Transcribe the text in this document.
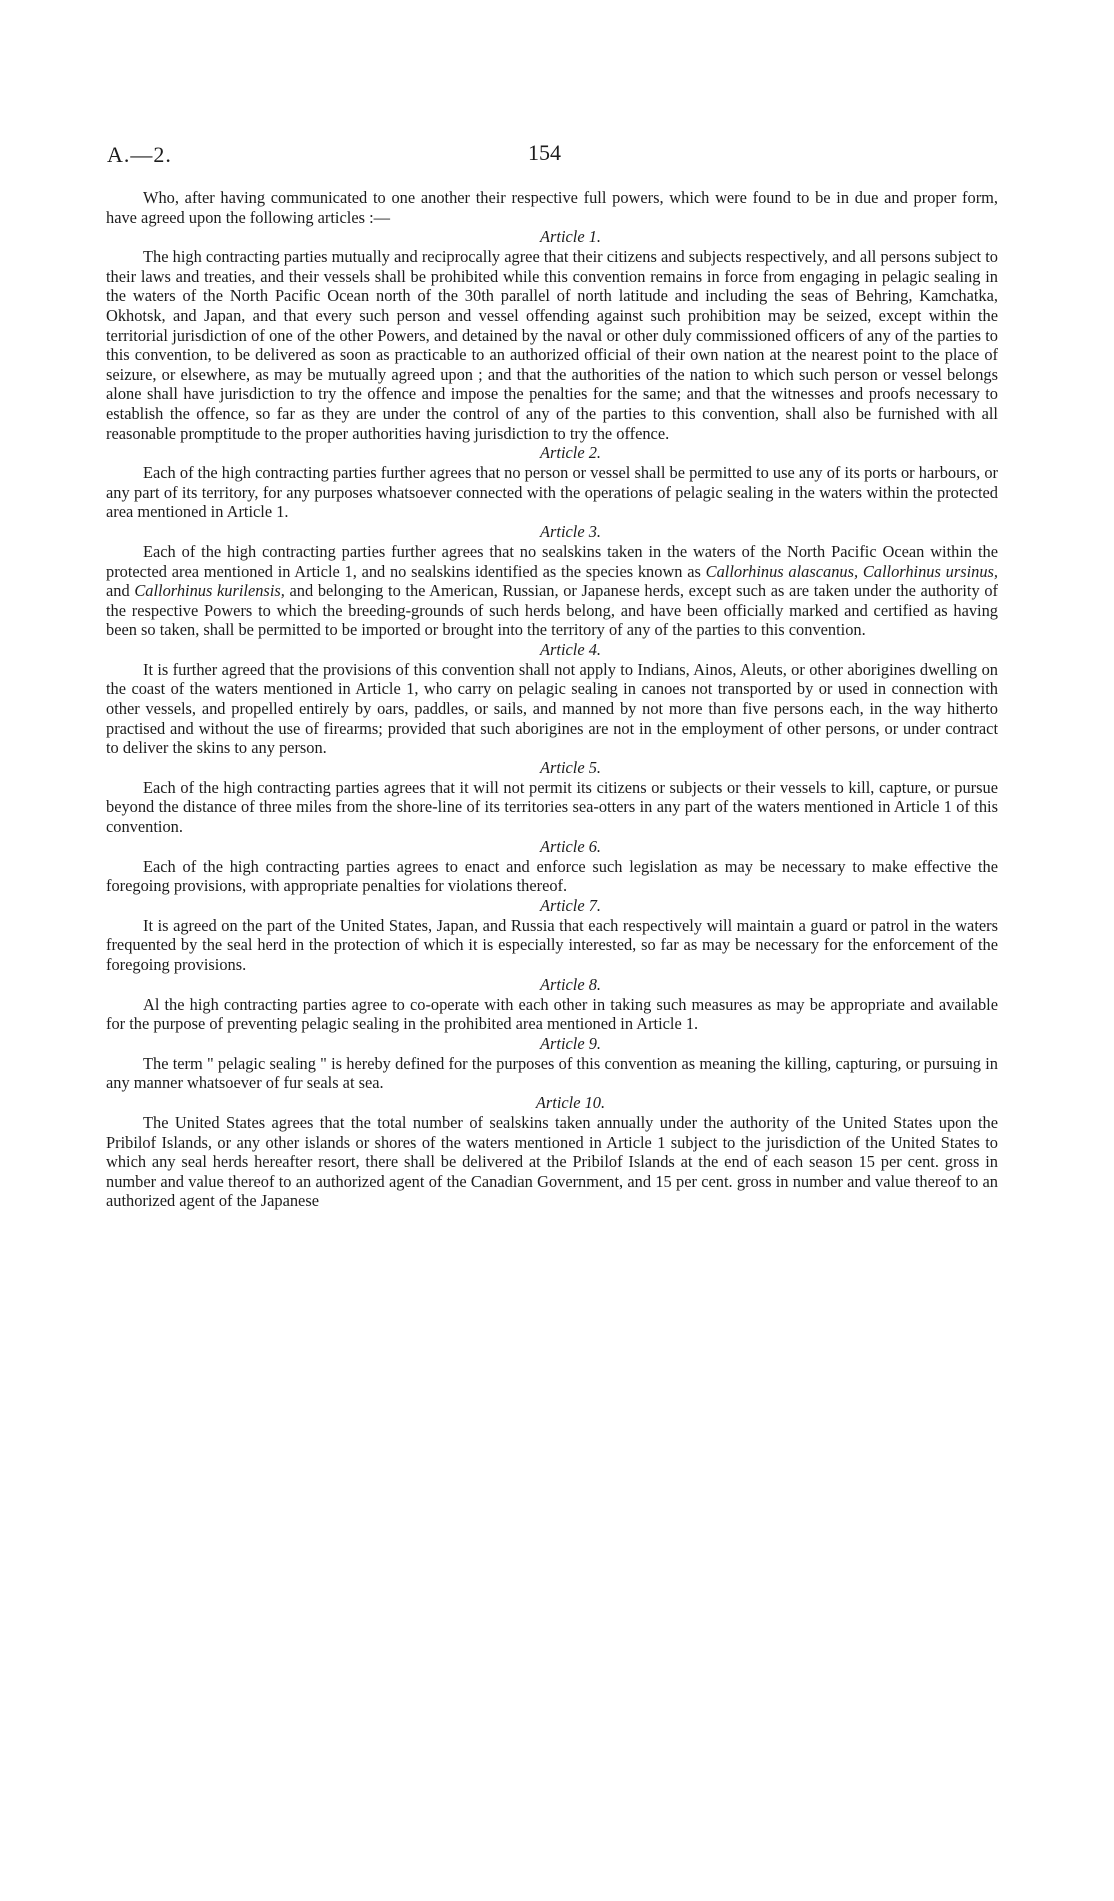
A.—2.	154

Who, after having communicated to one another their respective full powers, which were found to be in due and proper form, have agreed upon the following articles :—

Article 1.

The high contracting parties mutually and reciprocally agree that their citizens and subjects respectively, and all persons subject to their laws and treaties, and their vessels shall be prohibited while this convention remains in force from engaging in pelagic sealing in the waters of the North Pacific Ocean north of the 30th parallel of north latitude and including the seas of Behring, Kamchatka, Okhotsk, and Japan, and that every such person and vessel offending against such prohibition may be seized, except within the territorial jurisdiction of one of the other Powers, and detained by the naval or other duly commissioned officers of any of the parties to this convention, to be delivered as soon as practicable to an authorized official of their own nation at the nearest point to the place of seizure, or elsewhere, as may be mutually agreed upon ; and that the authorities of the nation to which such person or vessel belongs alone shall have jurisdiction to try the offence and impose the penalties for the same; and that the witnesses and proofs necessary to establish the offence, so far as they are under the control of any of the parties to this convention, shall also be furnished with all reasonable promptitude to the proper authorities having jurisdiction to try the offence.

Article 2.

Each of the high contracting parties further agrees that no person or vessel shall be permitted to use any of its ports or harbours, or any part of its territory, for any purposes whatsoever connected with the operations of pelagic sealing in the waters within the protected area mentioned in Article 1.

Article 3.

Each of the high contracting parties further agrees that no sealskins taken in the waters of the North Pacific Ocean within the protected area mentioned in Article 1, and no sealskins identified as the species known as Callorhinus alascanus, Callorhinus ursinus, and Callorhinus kurilensis, and belonging to the American, Russian, or Japanese herds, except such as are taken under the authority of the respective Powers to which the breeding-grounds of such herds belong, and have been officially marked and certified as having been so taken, shall be permitted to be imported or brought into the territory of any of the parties to this convention.

Article 4.

It is further agreed that the provisions of this convention shall not apply to Indians, Ainos, Aleuts, or other aborigines dwelling on the coast of the waters mentioned in Article 1, who carry on pelagic sealing in canoes not transported by or used in connection with other vessels, and propelled entirely by oars, paddles, or sails, and manned by not more than five persons each, in the way hitherto practised and without the use of firearms; provided that such aborigines are not in the employment of other persons, or under contract to deliver the skins to any person.

Article 5.

Each of the high contracting parties agrees that it will not permit its citizens or subjects or their vessels to kill, capture, or pursue beyond the distance of three miles from the shore-line of its territories sea-otters in any part of the waters mentioned in Article 1 of this convention.

Article 6.

Each of the high contracting parties agrees to enact and enforce such legislation as may be necessary to make effective the foregoing provisions, with appropriate penalties for violations thereof.

Article 7.

It is agreed on the part of the United States, Japan, and Russia that each respectively will maintain a guard or patrol in the waters frequented by the seal herd in the protection of which it is especially interested, so far as may be necessary for the enforcement of the foregoing provisions.

Article 8.

Al the high contracting parties agree to co-operate with each other in taking such measures as may be appropriate and available for the purpose of preventing pelagic sealing in the prohibited area mentioned in Article 1.

Article 9.

The term " pelagic sealing " is hereby defined for the purposes of this convention as meaning the killing, capturing, or pursuing in any manner whatsoever of fur seals at sea.

Article 10.

The United States agrees that the total number of sealskins taken annually under the authority of the United States upon the Pribilof Islands, or any other islands or shores of the waters mentioned in Article 1 subject to the jurisdiction of the United States to which any seal herds hereafter resort, there shall be delivered at the Pribilof Islands at the end of each season 15 per cent. gross in number and value thereof to an authorized agent of the Canadian Government, and 15 per cent. gross in number and value thereof to an authorized agent of the Japanese
